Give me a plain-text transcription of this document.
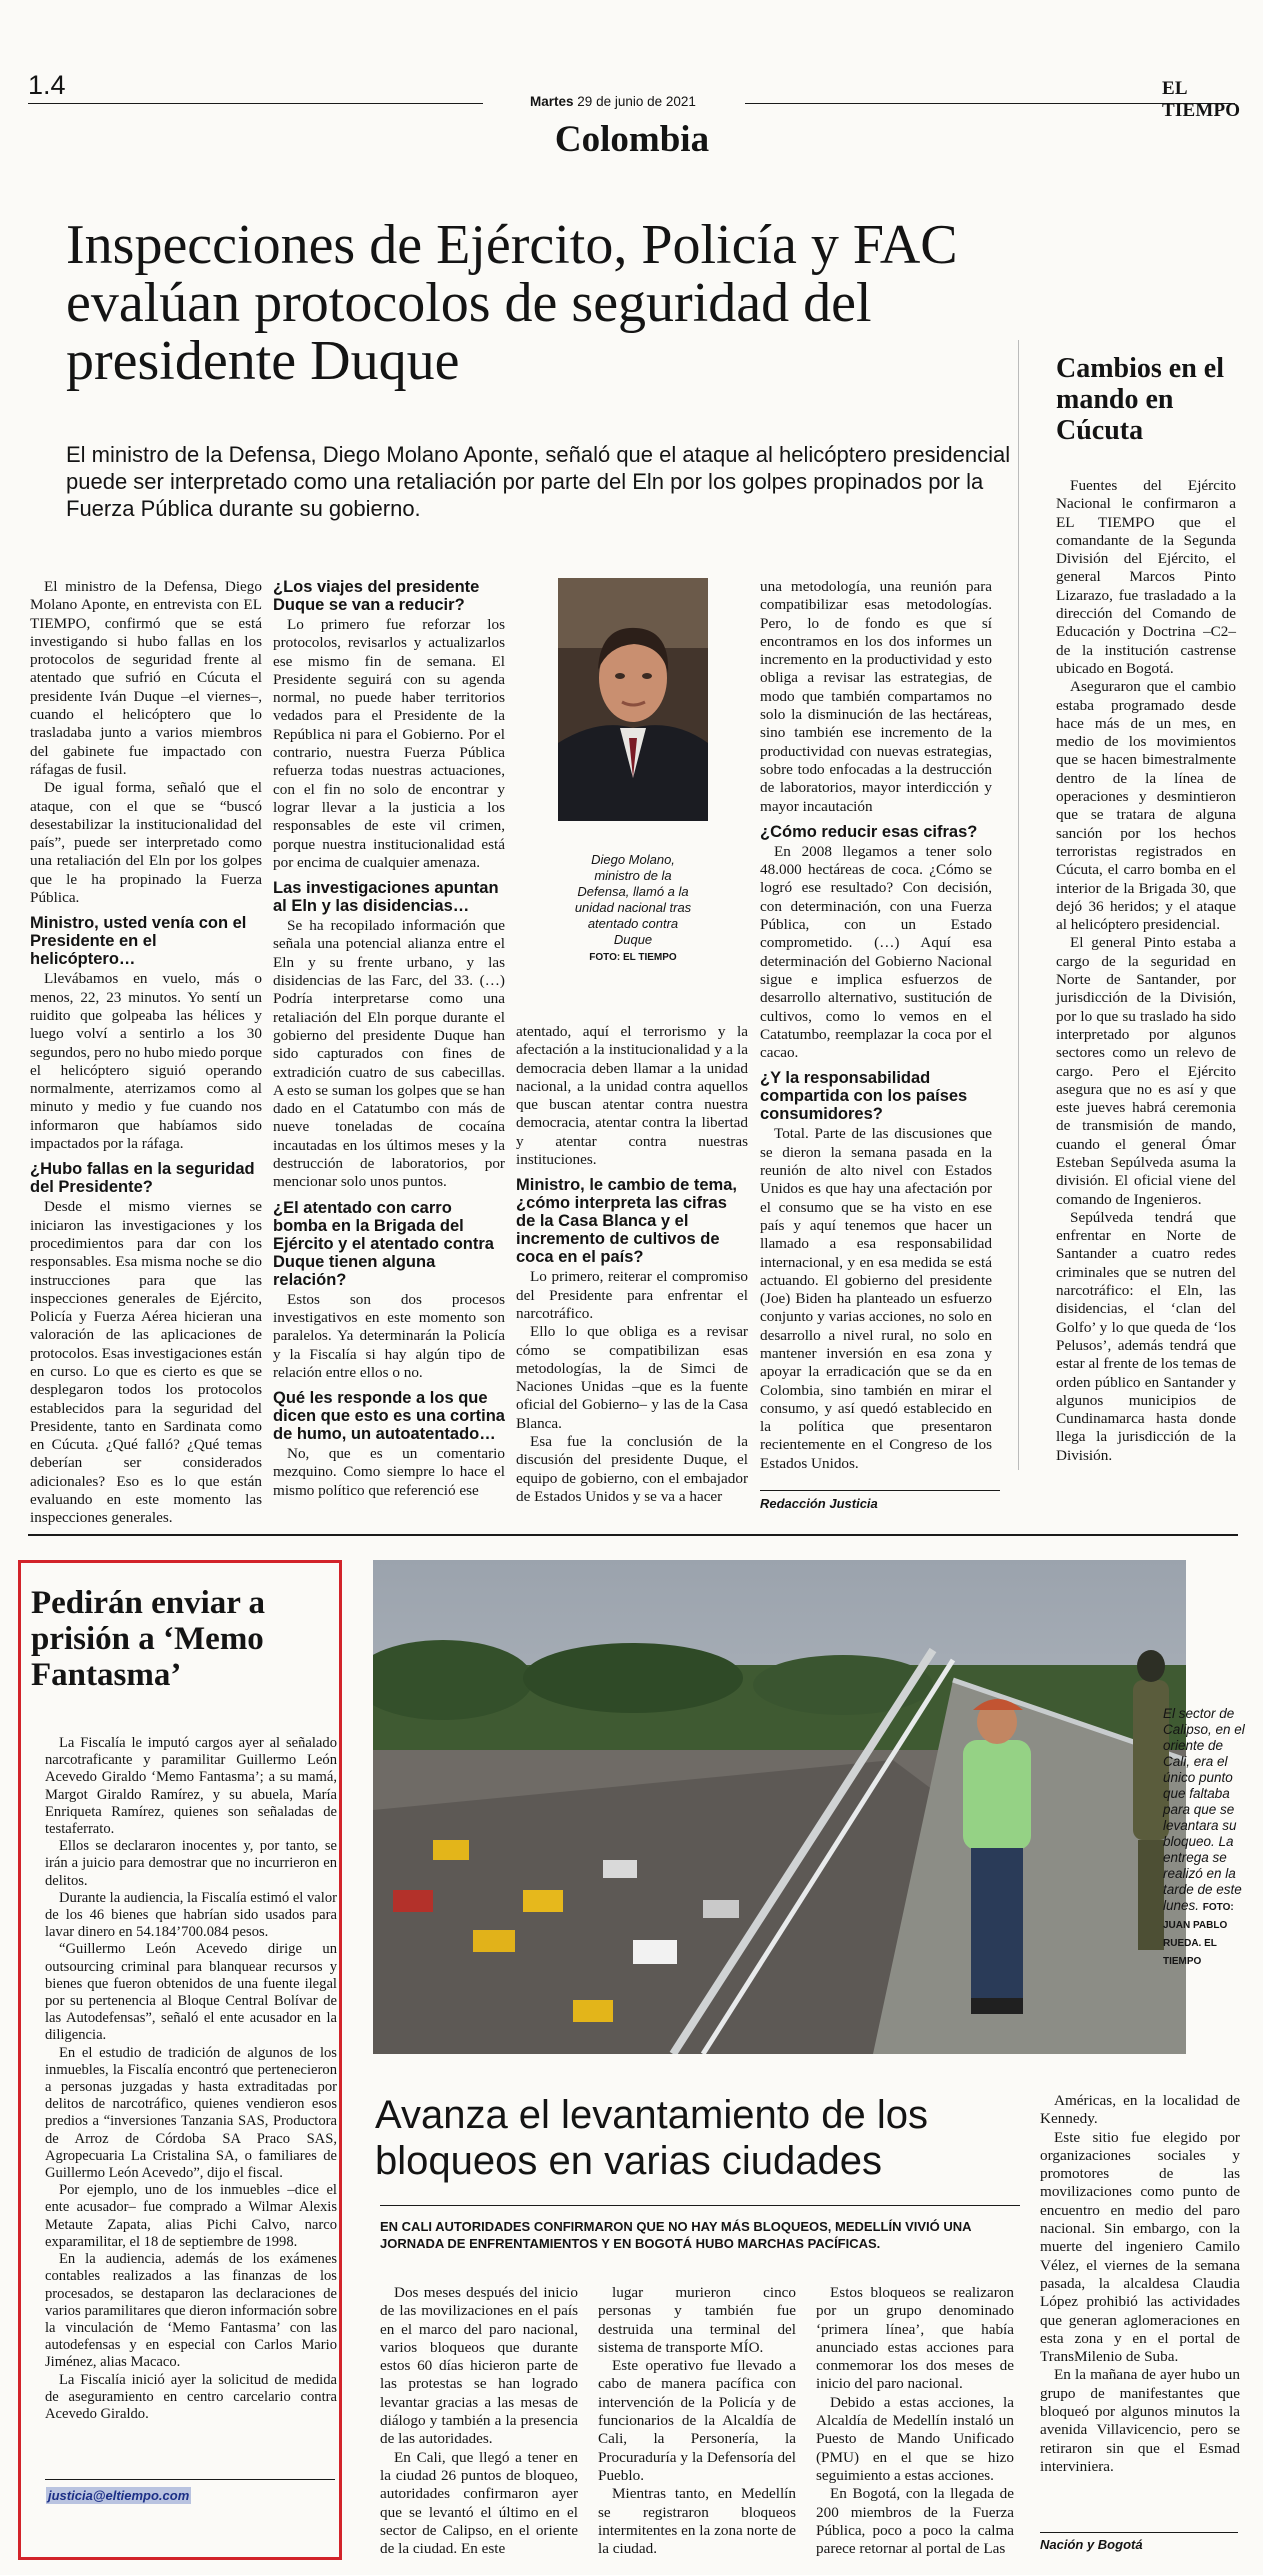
1.4
Martes 29 de junio de 2021
EL TIEMPO
Colombia
Inspecciones de Ejército, Policía y FAC evalúan protocolos de seguridad del presidente Duque
El ministro de la Defensa, Diego Molano Aponte, señaló que el ataque al helicóptero presidencial puede ser interpretado como una retaliación por parte del Eln por los golpes propinados por la Fuerza Pública durante su gobierno.

El ministro de la Defensa, Diego Molano Aponte, en entrevista con EL TIEMPO, confirmó que se está investigando si hubo fallas en los protocolos de seguridad frente al atentado que sufrió en Cúcuta el presidente Iván Duque –el viernes–, cuando el helicóptero que lo trasladaba junto a varios miembros del gabinete fue impactado con ráfagas de fusil.

De igual forma, señaló que el ataque, con el que se “buscó desestabilizar la institucionalidad del país”, puede ser interpretado como una retaliación del Eln por los golpes que le ha propinado la Fuerza Pública.

Ministro, usted venía con el Presidente en el helicóptero…

Llevábamos en vuelo, más o menos, 22, 23 minutos. Yo sentí un ruidito que golpeaba las hélices y luego volví a sentirlo a los 30 segundos, pero no hubo miedo porque el helicóptero siguió operando normalmente, aterrizamos como al minuto y medio y fue cuando nos informaron que habíamos sido impactados por la ráfaga.

¿Hubo fallas en la seguridad del Presidente?

Desde el mismo viernes se iniciaron las investigaciones y los procedimientos para dar con los responsables. Esa misma noche se dio instrucciones para que las inspecciones generales de Ejército, Policía y Fuerza Aérea hicieran una valoración de las aplicaciones de protocolos. Esas investigaciones están en curso. Lo que es cierto es que se desplegaron todos los protocolos establecidos para la seguridad del Presidente, tanto en Sardinata como en Cúcuta. ¿Qué falló? ¿Qué temas deberían ser considerados adicionales? Eso es lo que están evaluando en este momento las inspecciones generales.

¿Los viajes del presidente Duque se van a reducir?

Lo primero fue reforzar los protocolos, revisarlos y actualizarlos ese mismo fin de semana. El Presidente seguirá con su agenda normal, no puede haber territorios vedados para el Presidente de la República ni para el Gobierno. Por el contrario, nuestra Fuerza Pública refuerza todas nuestras actuaciones, con el fin no solo de encontrar y lograr llevar a la justicia a los responsables de este vil crimen, porque nuestra institucionalidad está por encima de cualquier amenaza.

Las investigaciones apuntan al Eln y las disidencias…

Se ha recopilado información que señala una potencial alianza entre el Eln y su frente urbano, y las disidencias de las Farc, del 33. (…) Podría interpretarse como una retaliación del Eln porque durante el gobierno del presidente Duque han sido capturados con fines de extradición cuatro de sus cabecillas. A esto se suman los golpes que se han dado en el Catatumbo con más de nueve toneladas de cocaína incautadas en los últimos meses y la destrucción de laboratorios, por mencionar solo unos puntos.

¿El atentado con carro bomba en la Brigada del Ejército y el atentado contra Duque tienen alguna relación?

Estos son dos procesos investigativos en este momento son paralelos. Ya determinarán la Policía y la Fiscalía si hay algún tipo de relación entre ellos o no.

Qué les responde a los que dicen que esto es una cortina de humo, un autoatentado…

No, que es un comentario mezquino. Como siempre lo hace el mismo político que referenció ese

Diego Molano, ministro de la Defensa, llamó a la unidad nacional tras atentado contra Duque
FOTO: EL TIEMPO

atentado, aquí el terrorismo y la afectación a la institucionalidad y a la democracia deben llamar a la unidad nacional, a la unidad contra aquellos que buscan atentar contra nuestra democracia, atentar contra la libertad y atentar contra nuestras instituciones.

Ministro, le cambio de tema, ¿cómo interpreta las cifras de la Casa Blanca y el incremento de cultivos de coca en el país?

Lo primero, reiterar el compromiso del Presidente para enfrentar el narcotráfico.

Ello lo que obliga es a revisar cómo se compatibilizan esas metodologías, la de Simci de Naciones Unidas –que es la fuente oficial del Gobierno– y las de la Casa Blanca.

Esa fue la conclusión de la discusión del presidente Duque, el equipo de gobierno, con el embajador de Estados Unidos y se va a hacer

una metodología, una reunión para compatibilizar esas metodologías. Pero, lo de fondo es que sí encontramos en los dos informes un incremento en la productividad y esto obliga a revisar las estrategias, de modo que también compartamos no solo la disminución de las hectáreas, sino también ese incremento de la productividad con nuevas estrategias, sobre todo enfocadas a la destrucción de laboratorios, mayor interdicción y mayor incautación

¿Cómo reducir esas cifras?

En 2008 llegamos a tener solo 48.000 hectáreas de coca. ¿Cómo se logró ese resultado? Con decisión, con determinación, con una Fuerza Pública, con un Estado comprometido. (…) Aquí esa determinación del Gobierno Nacional sigue e implica esfuerzos de desarrollo alternativo, sustitución de cultivos, como lo vemos en el Catatumbo, reemplazar la coca por el cacao.

¿Y la responsabilidad compartida con los países consumidores?

Total. Parte de las discusiones que se dieron la semana pasada en la reunión de alto nivel con Estados Unidos es que hay una afectación por el consumo que se ha visto en ese país y aquí tenemos que hacer un llamado a esa responsabilidad internacional, y en esa medida se está actuando. El gobierno del presidente (Joe) Biden ha planteado un esfuerzo conjunto y varias acciones, no solo en desarrollo a nivel rural, no solo en mantener inversión en esa zona y apoyar la erradicación que se da en Colombia, sino también en mirar el consumo, y así quedó establecido en la política que presentaron recientemente en el Congreso de los Estados Unidos.

Redacción Justicia
Cambios en el mando en Cúcuta

Fuentes del Ejército Nacional le confirmaron a EL TIEMPO que el comandante de la Segunda División del Ejército, el general Marcos Pinto Lizarazo, fue trasladado a la dirección del Comando de Educación y Doctrina –C2– de la institución castrense ubicado en Bogotá.

Aseguraron que el cambio estaba programado desde hace más de un mes, en medio de los movimientos que se hacen bimestralmente dentro de la línea de operaciones y desmintieron que se tratara de alguna sanción por los hechos terroristas registrados en Cúcuta, el carro bomba en el interior de la Brigada 30, que dejó 36 heridos; y el ataque al helicóptero presidencial.

El general Pinto estaba a cargo de la seguridad en Norte de Santander, por jurisdicción de la División, por lo que su traslado ha sido interpretado por algunos sectores como un relevo de cargo. Pero el Ejército asegura que no es así y que este jueves habrá ceremonia de transmisión de mando, cuando el general Ómar Esteban Sepúlveda asuma la división. El oficial viene del comando de Ingenieros.

Sepúlveda tendrá que enfrentar en Norte de Santander a cuatro redes criminales que se nutren del narcotráfico: el Eln, las disidencias, el ‘clan del Golfo’ y lo que queda de ‘los Pelusos’, además tendrá que estar al frente de los temas de orden público en Santander y algunos municipios de Cundinamarca hasta donde llega la jurisdicción de la División.

Pedirán enviar a prisión a ‘Memo Fantasma’

La Fiscalía le imputó cargos ayer al señalado narcotraficante y paramilitar Guillermo León Acevedo Giraldo ‘Memo Fantasma’; a su mamá, Margot Giraldo Ramírez, y su abuela, María Enriqueta Ramírez, quienes son señaladas de testaferrato.

Ellos se declararon inocentes y, por tanto, se irán a juicio para demostrar que no incurrieron en delitos.

Durante la audiencia, la Fiscalía estimó el valor de los 46 bienes que habrían sido usados para lavar dinero en 54.184’700.084 pesos.

“Guillermo León Acevedo dirige un outsourcing criminal para blanquear recursos y bienes que fueron obtenidos de una fuente ilegal por su pertenencia al Bloque Central Bolívar de las Autodefensas”, señaló el ente acusador en la diligencia.

En el estudio de tradición de algunos de los inmuebles, la Fiscalía encontró que pertenecieron a personas juzgadas y hasta extraditadas por delitos de narcotráfico, quienes vendieron esos predios a “inversiones Tanzania SAS, Productora de Arroz de Córdoba SA Praco SAS, Agropecuaria La Cristalina SA, o familiares de Guillermo León Acevedo”, dijo el fiscal.

Por ejemplo, uno de los inmuebles –dice el ente acusador– fue comprado a Wilmar Alexis Metaute Zapata, alias Pichi Calvo, narco exparamilitar, el 18 de septiembre de 1998.

En la audiencia, además de los exámenes contables realizados a las finanzas de los procesados, se destaparon las declaraciones de varios paramilitares que dieron información sobre la vinculación de ‘Memo Fantasma’ con las autodefensas y en especial con Carlos Mario Jiménez, alias Macaco.

La Fiscalía inició ayer la solicitud de medida de aseguramiento en centro carcelario contra Acevedo Giraldo.

justicia@eltiempo.com
El sector de Calipso, en el oriente de Cali, era el único punto que faltaba para que se levantara su bloqueo. La entrega se realizó en la tarde de este lunes. FOTO: JUAN PABLO RUEDA. EL TIEMPO
Avanza el levantamiento de los bloqueos en varias ciudades
EN CALI AUTORIDADES CONFIRMARON QUE NO HAY MÁS BLOQUEOS, MEDELLÍN VIVIÓ UNA JORNADA DE ENFRENTAMIENTOS Y EN BOGOTÁ HUBO MARCHAS PACÍFICAS.

Dos meses después del inicio de las movilizaciones en el país en el marco del paro nacional, varios bloqueos que durante estos 60 días hicieron parte de las protestas se han logrado levantar gracias a las mesas de diálogo y también a la presencia de las autoridades.

En Cali, que llegó a tener en la ciudad 26 puntos de bloqueo, autoridades confirmaron ayer que se levantó el último en el sector de Calipso, en el oriente de la ciudad. En este

lugar murieron cinco personas y también fue destruida una terminal del sistema de transporte MÍO.

Este operativo fue llevado a cabo de manera pacífica con intervención de la Policía y de funcionarios de la Alcaldía de Cali, la Personería, la Procuraduría y la Defensoría del Pueblo.

Mientras tanto, en Medellín se registraron bloqueos intermitentes en la zona norte de la ciudad.

Estos bloqueos se realizaron por un grupo denominado ‘primera línea’, que había anunciado estas acciones para conmemorar los dos meses de inicio del paro nacional.

Debido a estas acciones, la Alcaldía de Medellín instaló un Puesto de Mando Unificado (PMU) en el que se hizo seguimiento a estas acciones.

En Bogotá, con la llegada de 200 miembros de la Fuerza Pública, poco a poco la calma parece retornar al portal de Las

Américas, en la localidad de Kennedy.

Este sitio fue elegido por organizaciones sociales y promotores de las movilizaciones como punto de encuentro en medio del paro nacional. Sin embargo, con la muerte del ingeniero Camilo Vélez, el viernes de la semana pasada, la alcaldesa Claudia López prohibió las actividades que generan aglomeraciones en esta zona y en el portal de TransMilenio de Suba.

En la mañana de ayer hubo un grupo de manifestantes que bloqueó por algunos minutos la avenida Villavicencio, pero se retiraron sin que el Esmad interviniera.

Nación y Bogotá
